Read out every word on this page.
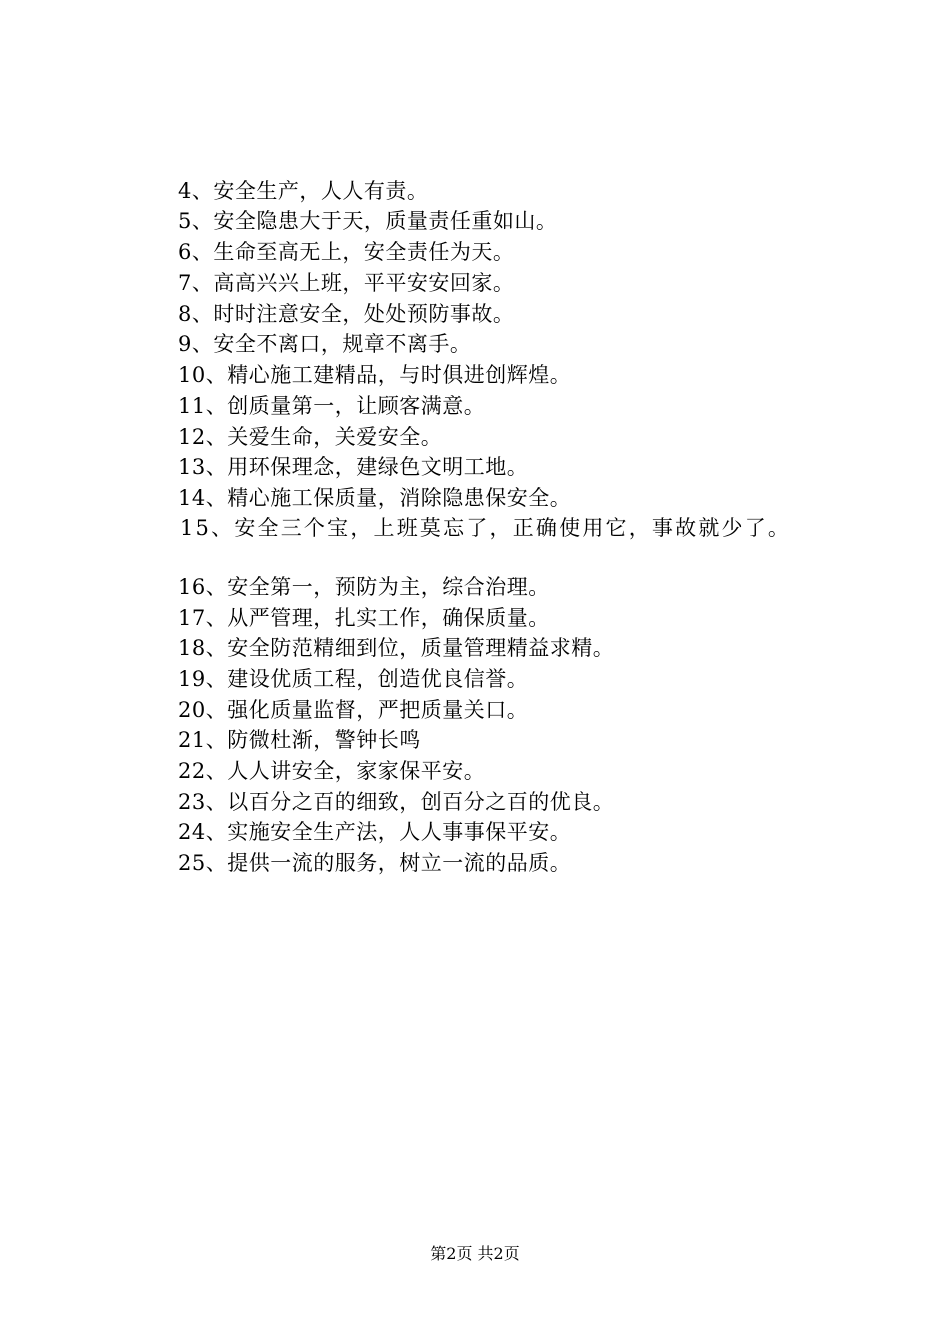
4、安全生产，人人有责。
5、安全隐患大于天，质量责任重如山。
6、生命至高无上，安全责任为天。
7、高高兴兴上班，平平安安回家。
8、时时注意安全，处处预防事故。
9、安全不离口，规章不离手。
10、精心施工建精品，与时俱进创辉煌。
11、创质量第一，让顾客满意。
12、关爱生命，关爱安全。
13、用环保理念，建绿色文明工地。
14、精心施工保质量，消除隐患保安全。
15、安全三个宝，上班莫忘了，正确使用它，事故就少了。
16、安全第一，预防为主，综合治理。
17、从严管理，扎实工作，确保质量。
18、安全防范精细到位，质量管理精益求精。
19、建设优质工程，创造优良信誉。
20、强化质量监督，严把质量关口。
21、防微杜渐，警钟长鸣
22、人人讲安全，家家保平安。
23、以百分之百的细致，创百分之百的优良。
24、实施安全生产法，人人事事保平安。
25、提供一流的服务，树立一流的品质。
第2页 共2页
